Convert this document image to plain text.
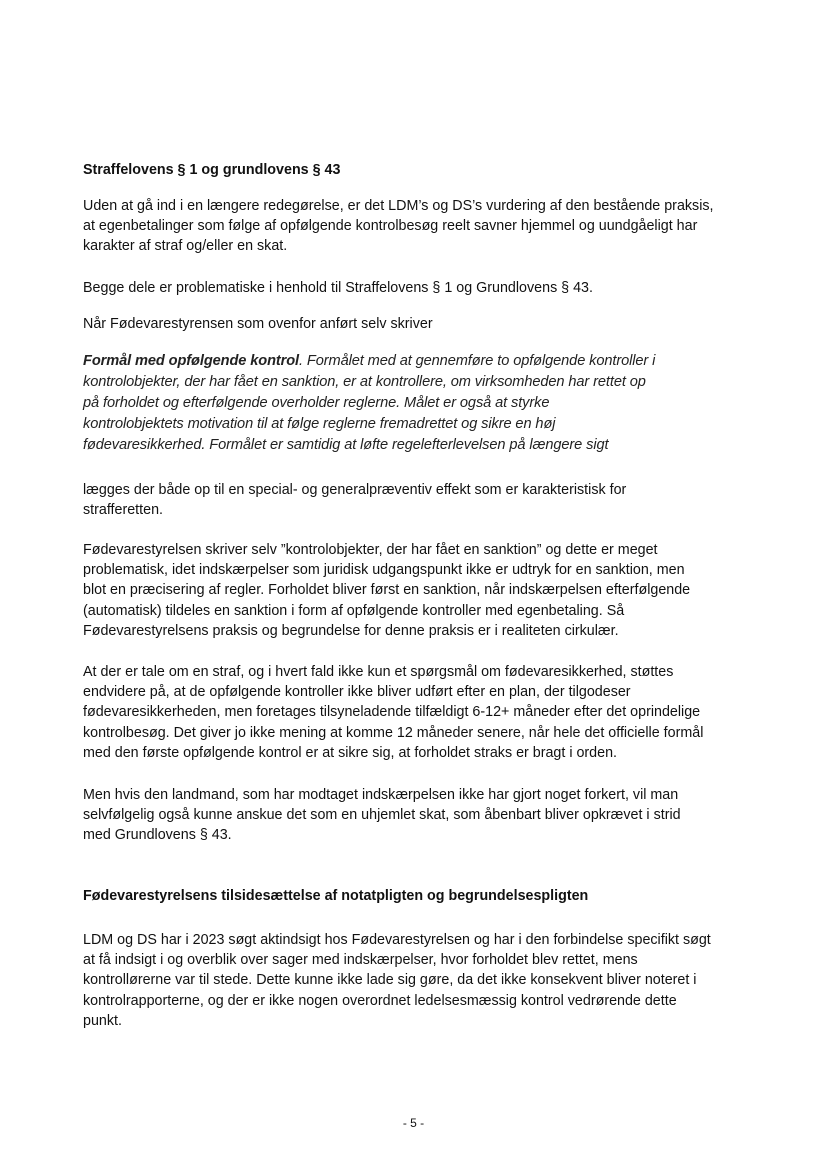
Straffelovens § 1 og grundlovens § 43
Uden at gå ind i en længere redegørelse, er det LDM’s og DS’s vurdering af den bestående praksis,
at egenbetalinger som følge af opfølgende kontrolbesøg reelt savner hjemmel og uundgåeligt har
karakter af straf og/eller en skat.
Begge dele er problematiske i henhold til Straffelovens § 1 og Grundlovens § 43.
Når Fødevarestyrensen som ovenfor anført selv skriver
Formål med opfølgende kontrol. Formålet med at gennemføre to opfølgende kontroller i
kontrolobjekter, der har fået en sanktion, er at kontrollere, om virksomheden har rettet op
på forholdet og efterfølgende overholder reglerne. Målet er også at styrke
kontrolobjektets motivation til at følge reglerne fremadrettet og sikre en høj
fødevaresikkerhed. Formålet er samtidig at løfte regelefterlevelsen på længere sigt
lægges der både op til en special- og generalpræventiv effekt som er karakteristisk for
strafferetten.
Fødevarestyrelsen skriver selv ”kontrolobjekter, der har fået en sanktion” og dette er meget
problematisk, idet indskærpelser som juridisk udgangspunkt ikke er udtryk for en sanktion, men
blot en præcisering af regler. Forholdet bliver først en sanktion, når indskærpelsen efterfølgende
(automatisk) tildeles en sanktion i form af opfølgende kontroller med egenbetaling. Så
Fødevarestyrelsens praksis og begrundelse for denne praksis er i realiteten cirkulær.
At der er tale om en straf, og i hvert fald ikke kun et spørgsmål om fødevaresikkerhed, støttes
endvidere på, at de opfølgende kontroller ikke bliver udført efter en plan, der tilgodeser
fødevaresikkerheden, men foretages tilsyneladende tilfældigt 6-12+ måneder efter det oprindelige
kontrolbesøg. Det giver jo ikke mening at komme 12 måneder senere, når hele det officielle formål
med den første opfølgende kontrol er at sikre sig, at forholdet straks er bragt i orden.
Men hvis den landmand, som har modtaget indskærpelsen ikke har gjort noget forkert, vil man
selvfølgelig også kunne anskue det som en uhjemlet skat, som åbenbart bliver opkrævet i strid
med Grundlovens § 43.
Fødevarestyrelsens tilsidesættelse af notatpligten og begrundelsespligten
LDM og DS har i 2023 søgt aktindsigt hos Fødevarestyrelsen og har i den forbindelse specifikt søgt
at få indsigt i og overblik over sager med indskærpelser, hvor forholdet blev rettet, mens
kontrollørerne var til stede. Dette kunne ikke lade sig gøre, da det ikke konsekvent bliver noteret i
kontrolrapporterne, og der er ikke nogen overordnet ledelsesmæssig kontrol vedrørende dette
punkt.
- 5 -
